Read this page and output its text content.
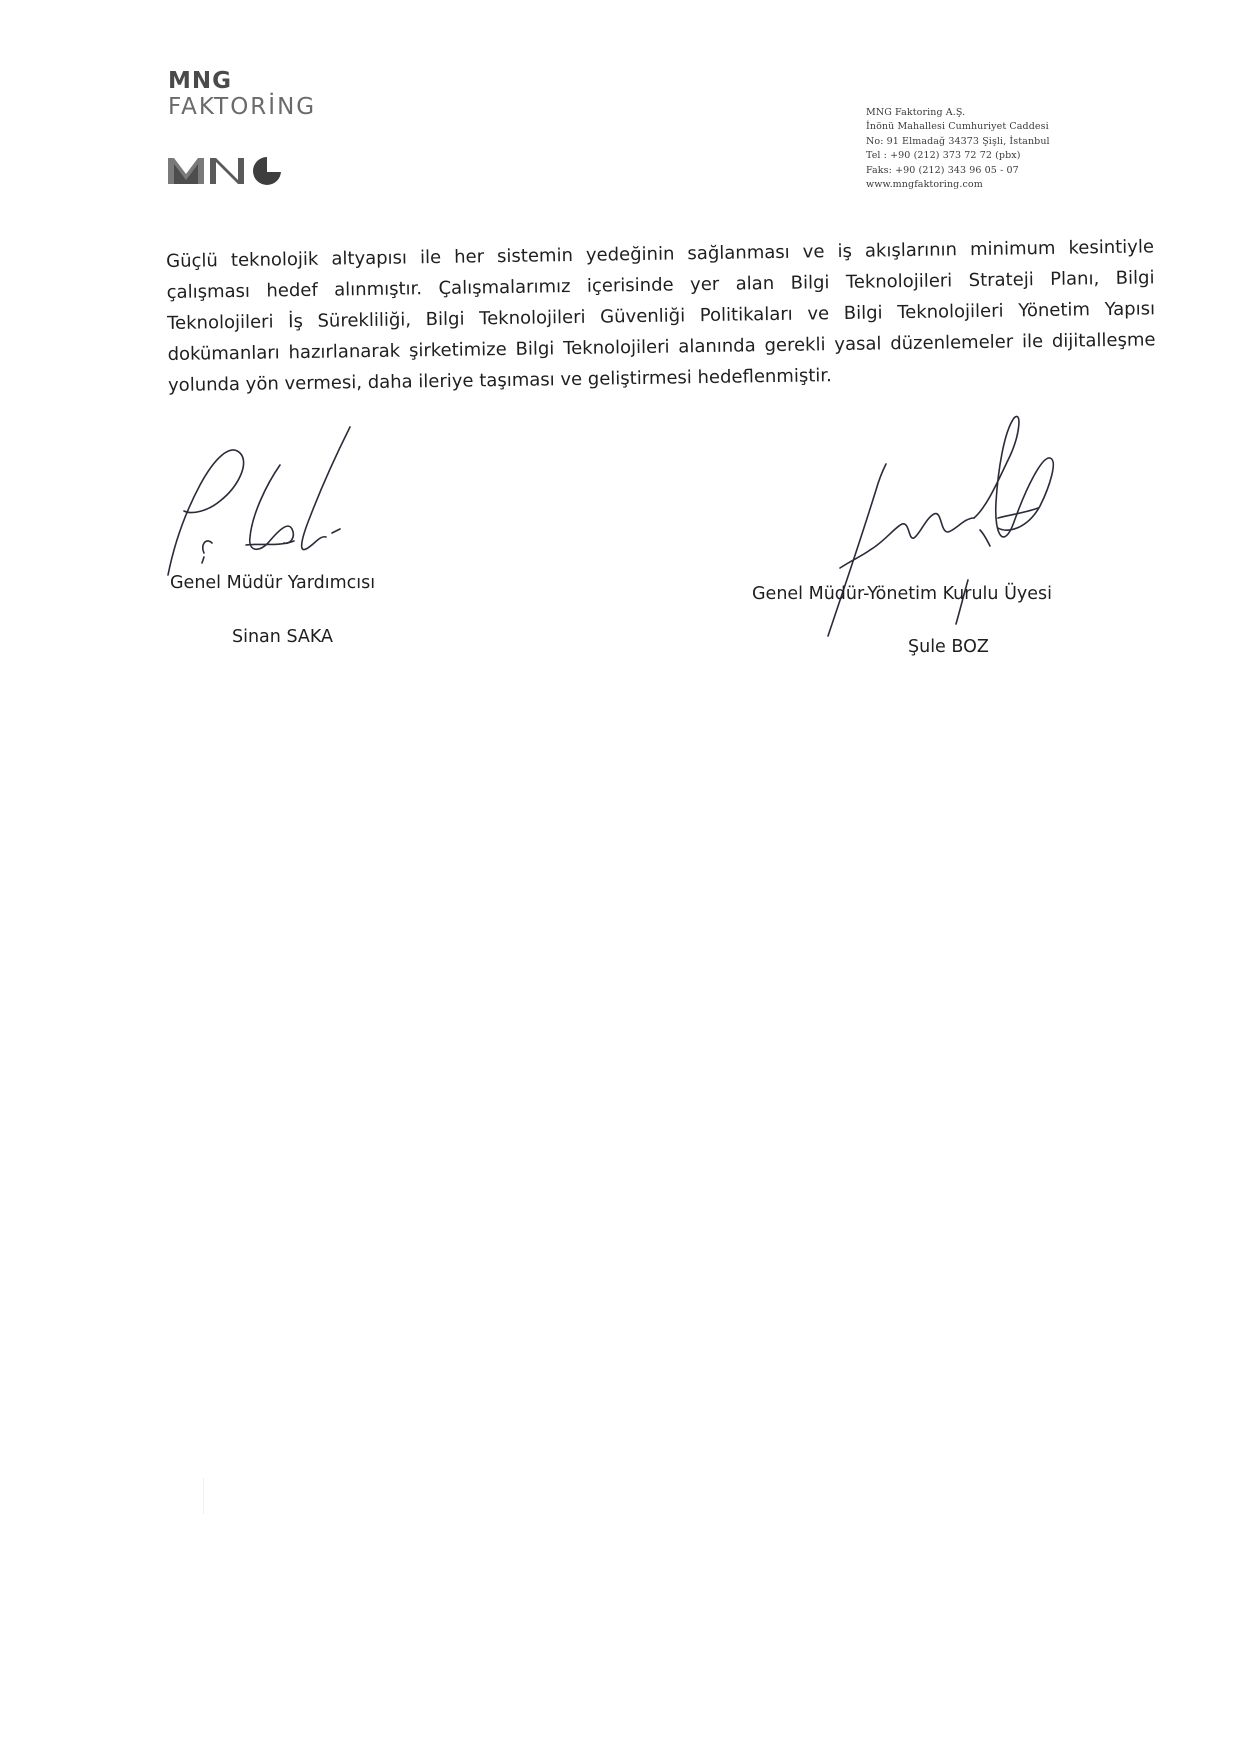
MNG
FAKTORİNG	MNG Faktoring A.Ş.
İnönü Mahallesi Cumhuriyet Caddesi
No: 91 Elmadağ 34373 Şişli, İstanbul
Tel : +90 (212) 373 72 72 (pbx)
Faks: +90 (212) 343 96 05 - 07
www.mngfaktoring.com
Güçlü teknolojik altyapısı ile her sistemin yedeğinin sağlanması ve iş akışlarının minimum kesintiyle
çalışması hedef alınmıştır. Çalışmalarımız içerisinde yer alan Bilgi Teknolojileri Strateji Planı, Bilgi
Teknolojileri İş Sürekliliği, Bilgi Teknolojileri Güvenliği Politikaları ve Bilgi Teknolojileri Yönetim Yapısı
dokümanları hazırlanarak şirketimize Bilgi Teknolojileri alanında gerekli yasal düzenlemeler ile dijitalleşme
yolunda yön vermesi, daha ileriye taşıması ve geliştirmesi hedeflenmiştir.
Genel Müdür Yardımcısı
Sinan SAKA
Genel Müdür-Yönetim Kurulu Üyesi
Şule BOZ
